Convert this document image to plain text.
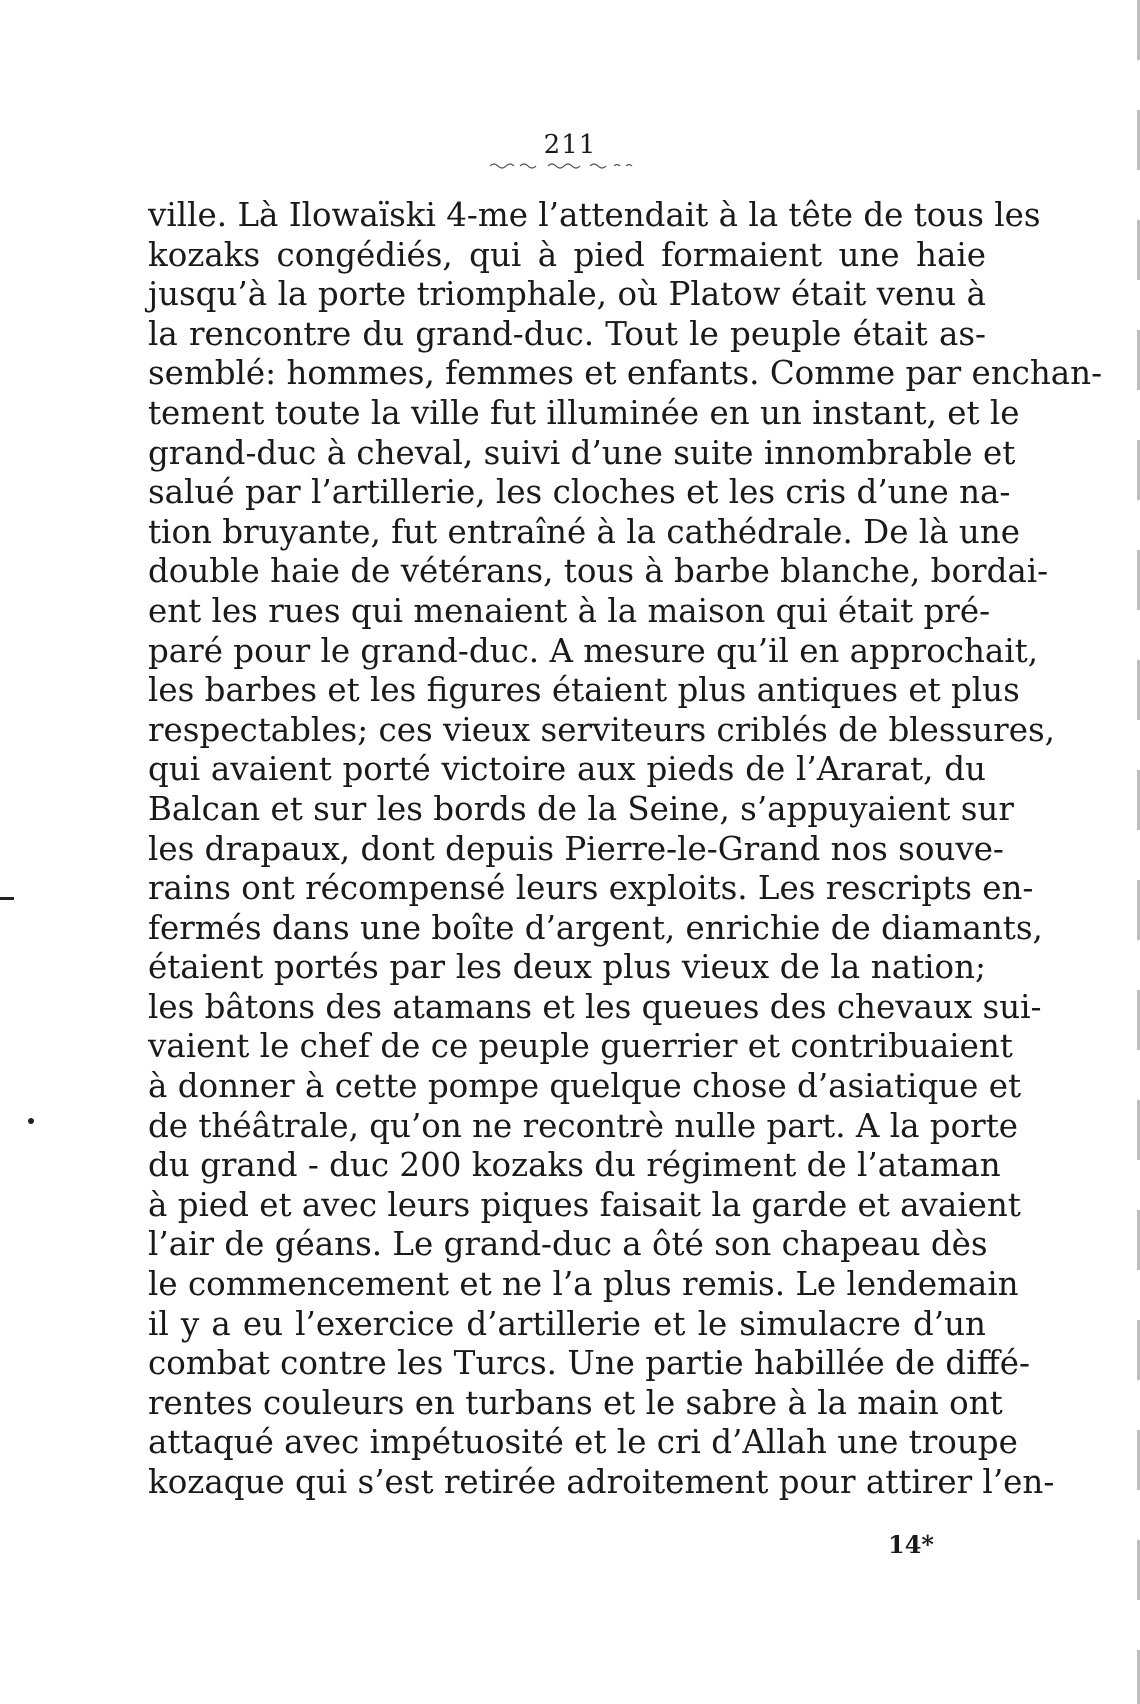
211
ville. Là Ilowaïski 4-me l’attendait à la tête de tous les
kozaks congédiés, qui à pied formaient une haie
jusqu’à la porte triomphale, où Platow était venu à
la rencontre du grand-duc. Tout le peuple était as-
semblé: hommes, femmes et enfants. Comme par enchan-
tement toute la ville fut illuminée en un instant, et le
grand-duc à cheval, suivi d’une suite innombrable et
salué par l’artillerie, les cloches et les cris d’une na-
tion bruyante, fut entraîné à la cathédrale. De là une
double haie de vétérans, tous à barbe blanche, bordai-
ent les rues qui menaient à la maison qui était pré-
paré pour le grand-duc. A mesure qu’il en approchait,
les barbes et les figures étaient plus antiques et plus
respectables; ces vieux serviteurs criblés de blessures,
qui avaient porté victoire aux pieds de l’Ararat, du
Balcan et sur les bords de la Seine, s’appuyaient sur
les drapaux, dont depuis Pierre-le-Grand nos souve-
rains ont récompensé leurs exploits. Les rescripts en-
fermés dans une boîte d’argent, enrichie de diamants,
étaient portés par les deux plus vieux de la nation;
les bâtons des atamans et les queues des chevaux sui-
vaient le chef de ce peuple guerrier et contribuaient
à donner à cette pompe quelque chose d’asiatique et
de théâtrale, qu’on ne recontrè nulle part. A la porte
du grand - duc 200 kozaks du régiment de l’ataman
à pied et avec leurs piques faisait la garde et avaient
l’air de géans. Le grand-duc a ôté son chapeau dès
le commencement et ne l’a plus remis. Le lendemain
il y a eu l’exercice d’artillerie et le simulacre d’un
combat contre les Turcs. Une partie habillée de diffé-
rentes couleurs en turbans et le sabre à la main ont
attaqué avec impétuosité et le cri d’Allah une troupe
kozaque qui s’est retirée adroitement pour attirer l’en-
14*
